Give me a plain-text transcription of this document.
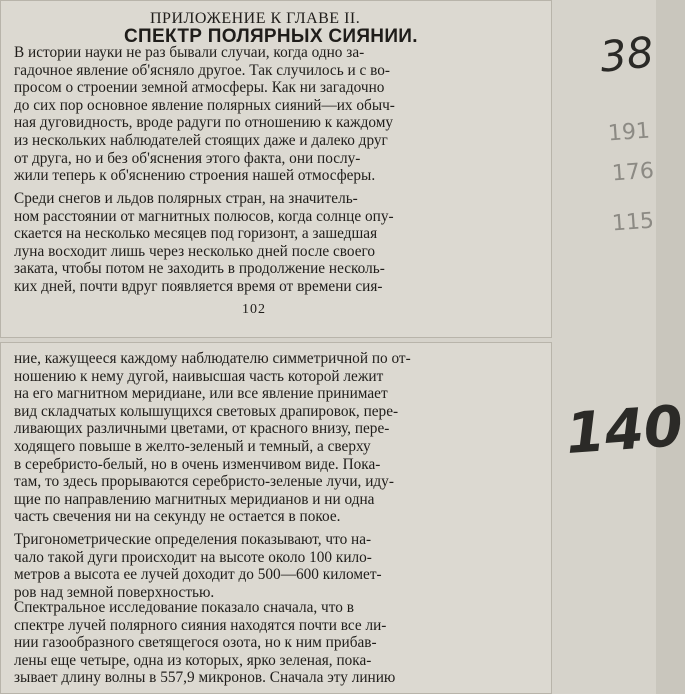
ПРИЛОЖЕНИЕ К ГЛАВЕ II.
СПЕКТР ПОЛЯРНЫХ СИЯНИИ.
В истории науки не раз бывали случаи, когда одно за-
гадочное явление об'ясняло другое. Так случилось и с во-
просом о строении земной атмосферы. Как ни загадочно
до сих пор основное явление полярных сияний—их обыч-
ная дуговидность, вроде радуги по отношению к каждому
из нескольких наблюдателей стоящих даже и далеко друг
от друга, но и без об'яснения этого факта, они послу-
жили теперь к об'яснению строения нашей отмосферы.
Среди снегов и льдов полярных стран, на значитель-
ном расстоянии от магнитных полюсов, когда солнце опу-
скается на несколько месяцев под горизонт, а зашедшая
луна восходит лишь через несколько дней после своего
заката, чтобы потом не заходить в продолжение несколь-
ких дней, почти вдруг появляется время от времени сия-
102
ние, кажущееся каждому наблюдателю симметричной по от-
ношению к нему дугой, наивысшая часть которой лежит
на его магнитном меридиане, или все явление принимает
вид складчатых колышущихся световых драпировок, пере-
ливающих различными цветами, от красного внизу, пере-
ходящего повыше в желто-зеленый и темный, а сверху
в серебристо-белый, но в очень изменчивом виде. Пока-
там, то здесь прорываются серебристо-зеленые лучи, иду-
щие по направлению магнитных меридианов и ни одна
часть свечения ни на секунду не остается в покое.
Тригонометрические определения показывают, что на-
чало такой дуги происходит на высоте около 100 кило-
метров а высота ее лучей доходит до 500—600 километ-
ров над земной поверхностью.
Спектральное исследование показало сначала, что в
спектре лучей полярного сияния находятся почти все ли-
нии газообразного светящегося озота, но к ним прибав-
лены еще четыре, одна из которых, ярко зеленая, пока-
зывает длину волны в 557,9 микронов. Сначала эту линию
38
191
176
115
140
